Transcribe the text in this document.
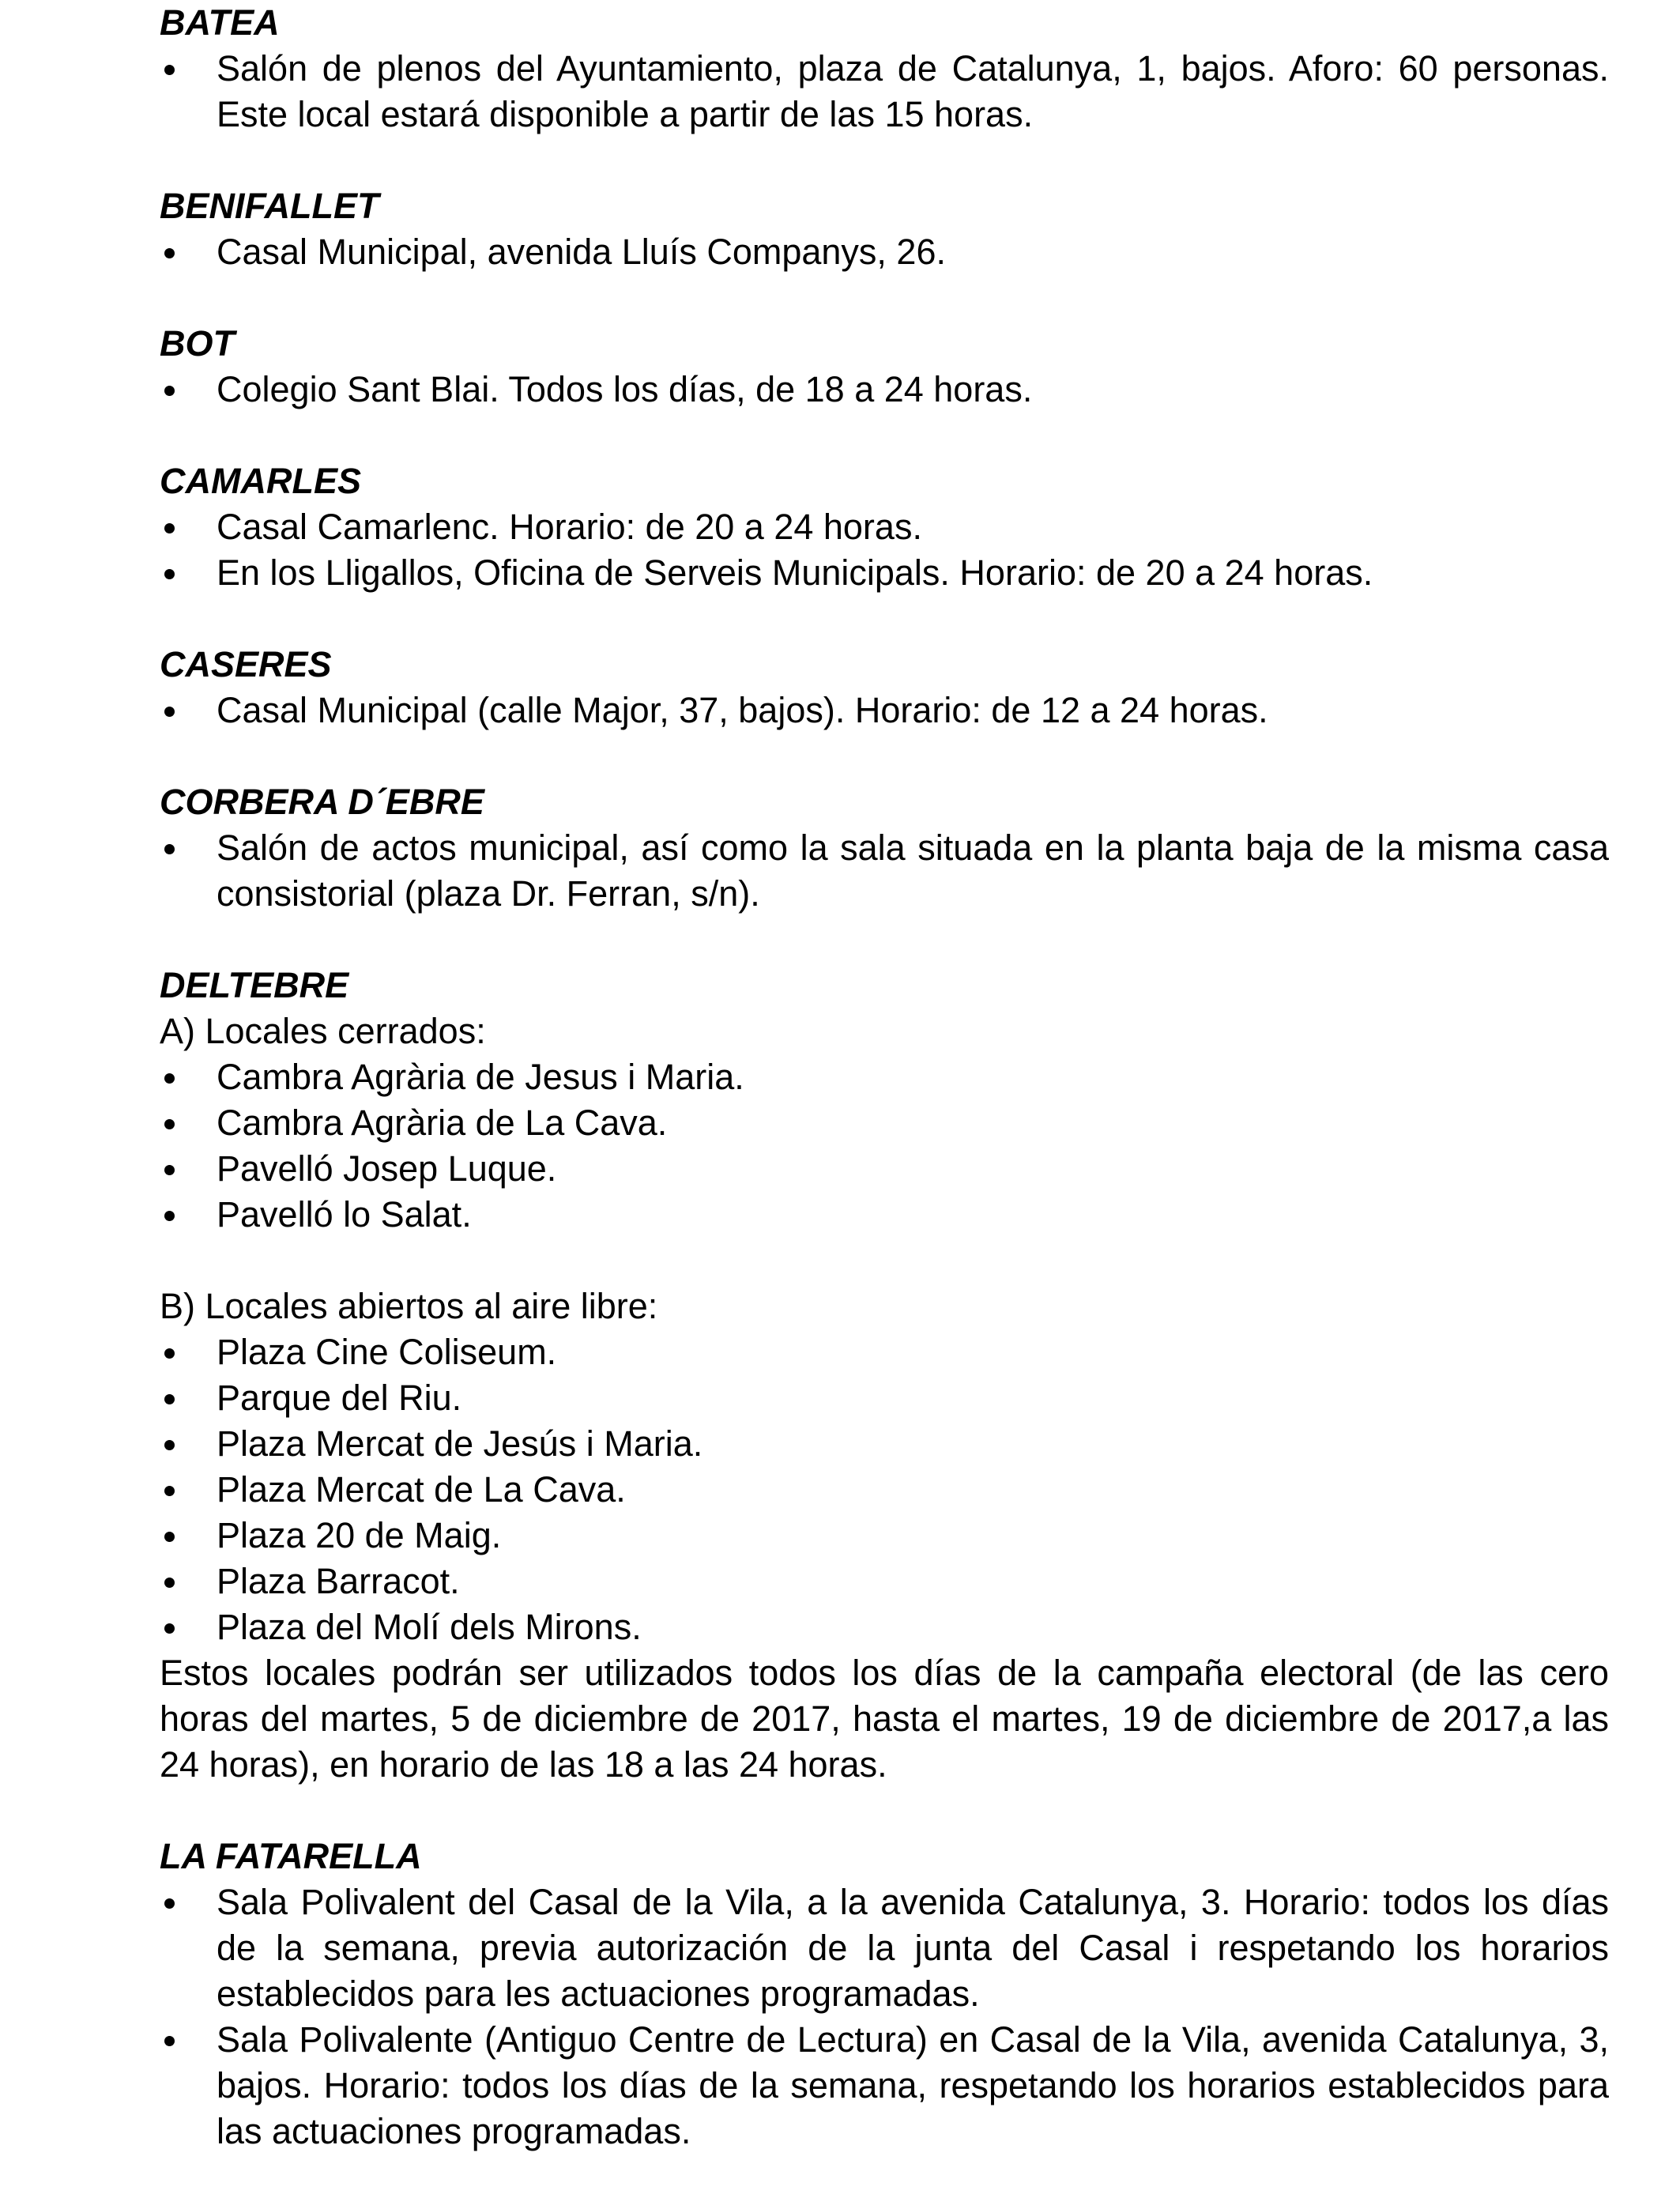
BATEA

Salón de plenos del Ayuntamiento, plaza de Catalunya, 1, bajos. Aforo: 60 personas. Este local estará disponible a partir de las 15 horas.

BENIFALLET

Casal Municipal, avenida Lluís Companys, 26.

BOT

Colegio Sant Blai. Todos los días, de 18 a 24 horas.

CAMARLES

Casal Camarlenc. Horario: de 20 a 24 horas.
En los Lligallos, Oficina de Serveis Municipals. Horario: de 20 a 24 horas.

CASERES

Casal Municipal (calle Major, 37, bajos). Horario: de 12 a 24 horas.

CORBERA D´EBRE

Salón de actos municipal, así como la sala situada en la planta baja de la misma casa consistorial (plaza Dr. Ferran, s/n).

DELTEBRE

A) Locales cerrados:

Cambra Agrària de Jesus i Maria.
Cambra Agrària de La Cava.
Pavelló Josep Luque.
Pavelló lo Salat.

B) Locales abiertos al aire libre:

Plaza Cine Coliseum.
Parque del Riu.
Plaza Mercat de Jesús i Maria.
Plaza Mercat de La Cava.
Plaza 20 de Maig.
Plaza Barracot.
Plaza del Molí dels Mirons.

Estos locales podrán ser utilizados todos los días de la campaña electoral (de las cero horas del martes, 5 de diciembre de 2017, hasta el martes, 19 de diciembre de 2017,a las 24 horas), en horario de las 18 a las 24 horas.

LA FATARELLA

Sala Polivalent del Casal de la Vila, a la avenida Catalunya, 3. Horario: todos los días de la semana, previa autorización de la junta del Casal i respetando los horarios establecidos para les actuaciones programadas.
Sala Polivalente (Antiguo Centre de Lectura) en Casal de la Vila, avenida Catalunya, 3, bajos. Horario: todos los días de la semana, respetando los horarios establecidos para las actuaciones programadas.
